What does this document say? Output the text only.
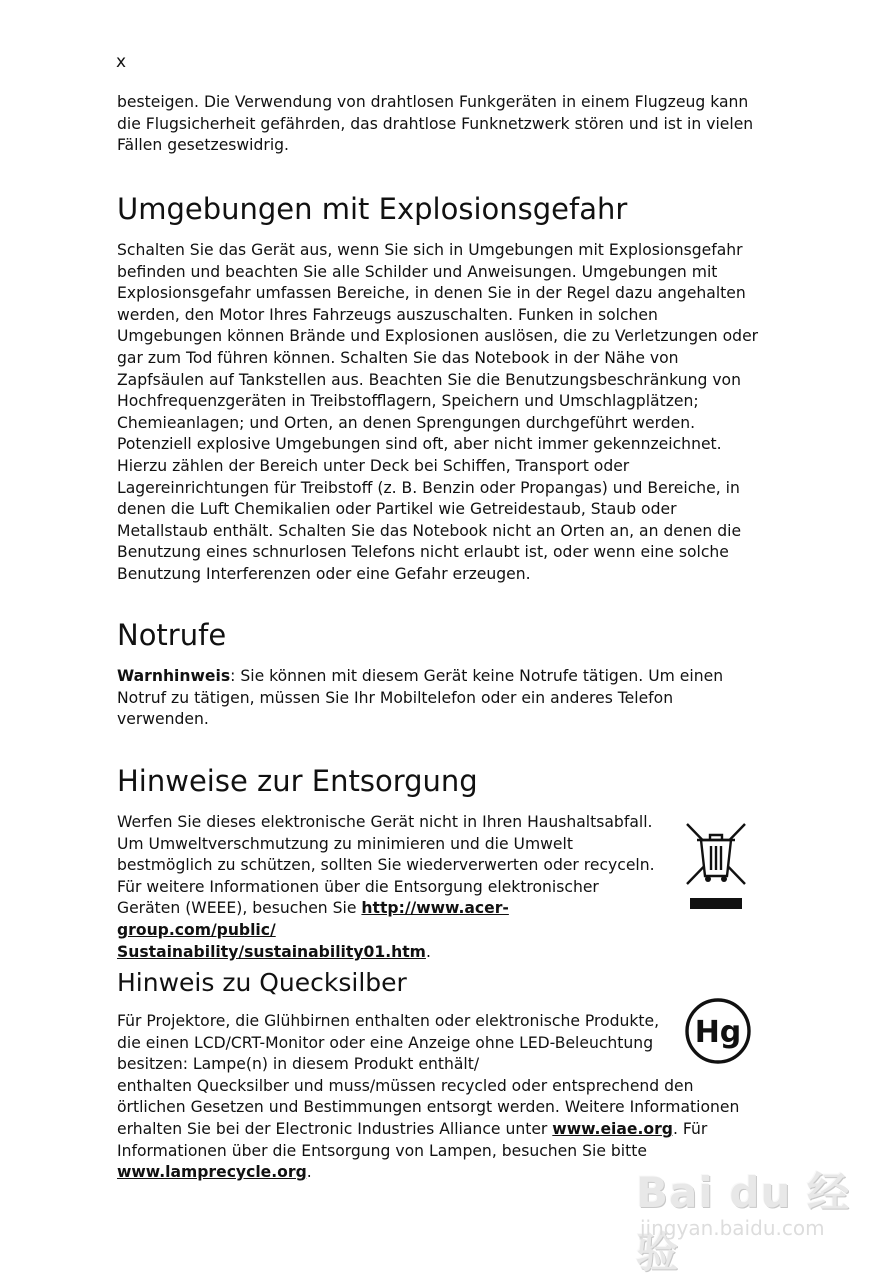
x

besteigen. Die Verwendung von drahtlosen Funkgeräten in einem Flugzeug kann die Flugsicherheit gefährden, das drahtlose Funknetzwerk stören und ist in vielen Fällen gesetzeswidrig.

Umgebungen mit Explosionsgefahr

Schalten Sie das Gerät aus, wenn Sie sich in Umgebungen mit Explosionsgefahr befinden und beachten Sie alle Schilder und Anweisungen. Umgebungen mit Explosionsgefahr umfassen Bereiche, in denen Sie in der Regel dazu angehalten werden, den Motor Ihres Fahrzeugs auszuschalten. Funken in solchen Umgebungen können Brände und Explosionen auslösen, die zu Verletzungen oder gar zum Tod führen können. Schalten Sie das Notebook in der Nähe von Zapfsäulen auf Tankstellen aus. Beachten Sie die Benutzungsbeschränkung von Hochfrequenzgeräten in Treibstofflagern, Speichern und Umschlagplätzen; Chemieanlagen; und Orten, an denen Sprengungen durchgeführt werden. Potenziell explosive Umgebungen sind oft, aber nicht immer gekennzeichnet. Hierzu zählen der Bereich unter Deck bei Schiffen, Transport oder Lagereinrichtungen für Treibstoff (z. B. Benzin oder Propangas) und Bereiche, in denen die Luft Chemikalien oder Partikel wie Getreidestaub, Staub oder Metallstaub enthält. Schalten Sie das Notebook nicht an Orten an, an denen die Benutzung eines schnurlosen Telefons nicht erlaubt ist, oder wenn eine solche Benutzung Interferenzen oder eine Gefahr erzeugen.

Notrufe

Warnhinweis: Sie können mit diesem Gerät keine Notrufe tätigen. Um einen Notruf zu tätigen, müssen Sie Ihr Mobiltelefon oder ein anderes Telefon verwenden.

Hinweise zur Entsorgung

Werfen Sie dieses elektronische Gerät nicht in Ihren Haushaltsabfall. Um Umweltverschmutzung zu minimieren und die Umwelt bestmöglich zu schützen, sollten Sie wiederverwerten oder recyceln. Für weitere Informationen über die Entsorgung elektronischer Geräten (WEEE), besuchen Sie http://www.acer-group.com/public/
Sustainability/sustainability01.htm.

Hinweis zu Quecksilber

Für Projektore, die Glühbirnen enthalten oder elektronische Produkte, die einen LCD/CRT-Monitor oder eine Anzeige ohne LED-Beleuchtung besitzen: Lampe(n) in diesem Produkt enthält/

enthalten Quecksilber und muss/müssen recycled oder entsprechend den örtlichen Gesetzen und Bestimmungen entsorgt werden. Weitere Informationen erhalten Sie bei der Electronic Industries Alliance unter www.eiae.org. Für Informationen über die Entsorgung von Lampen, besuchen Sie bitte www.lamprecycle.org.

Hg
Bai du 经验
jingyan.baidu.com
